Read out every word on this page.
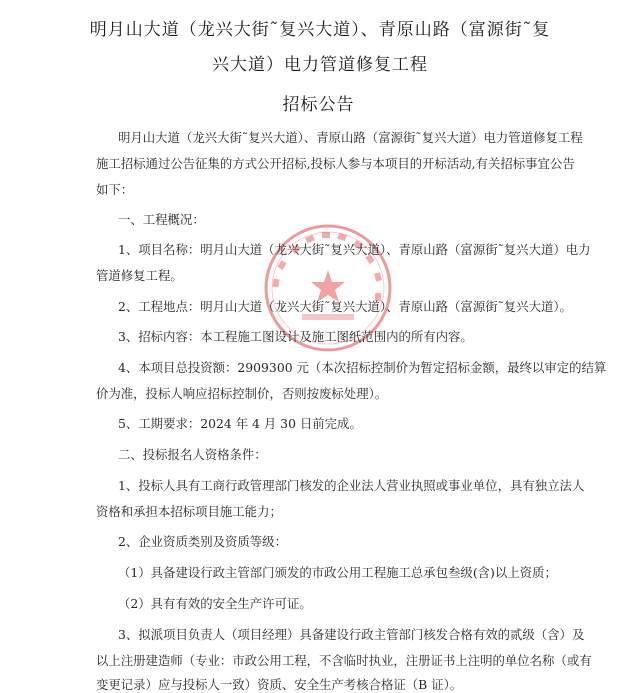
明月山大道（龙兴大街˜复兴大道）、青原山路（富源街˜复
兴大道）电力管道修复工程
招标公告
明月山大道（龙兴大街˜复兴大道）、青原山路（富源街˜复兴大道）电力管道修复工程
施工招标通过公告征集的方式公开招标,投标人参与本项目的开标活动,有关招标事宜公告
如下：
一、工程概况：
1、项目名称：明月山大道（龙兴大街˜复兴大道）、青原山路（富源街˜复兴大道）电力
管道修复工程。
2、工程地点：明月山大道（龙兴大街˜复兴大道）、青原山路（富源街˜复兴大道）。
3、招标内容：本工程施工图设计及施工图纸范围内的所有内容。
4、本项目总投资额：2909300 元（本次招标控制价为暂定招标金额，最终以审定的结算
价为准，投标人响应招标控制价，否则按废标处理）。
5、工期要求：2024 年 4 月 30 日前完成。
二、投标报名人资格条件：
1、投标人具有工商行政管理部门核发的企业法人营业执照或事业单位，具有独立法人
资格和承担本招标项目施工能力；
2、企业资质类别及资质等级：
（1）具备建设行政主管部门颁发的市政公用工程施工总承包叁级(含)以上资质；
（2）具有有效的安全生产许可证。
3、拟派项目负责人（项目经理）具备建设行政主管部门核发合格有效的贰级（含）及
以上注册建造师（专业：市政公用工程，不含临时执业，注册证书上注明的单位名称（或有
变更记录）应与投标人一致）资质、安全生产考核合格证（B 证）。
